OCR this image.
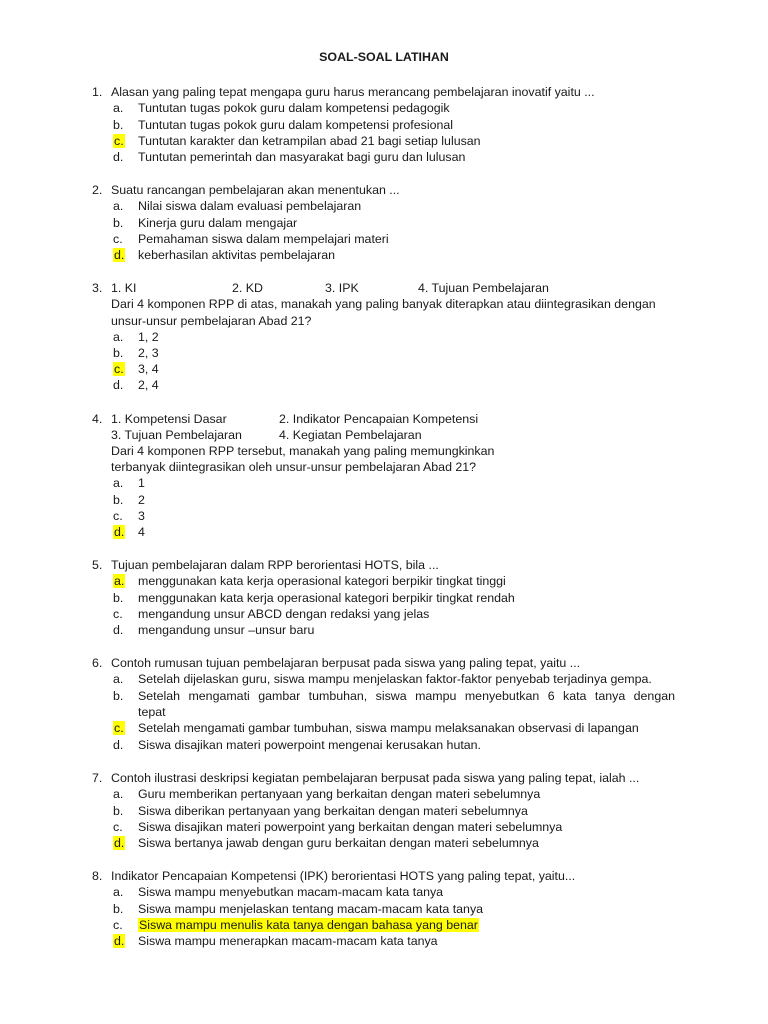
SOAL-SOAL LATIHAN
1. Alasan yang paling tepat mengapa guru harus merancang pembelajaran inovatif yaitu ...
a. Tuntutan tugas pokok guru dalam kompetensi pedagogik
b. Tuntutan tugas pokok guru dalam kompetensi profesional
c. Tuntutan karakter dan ketrampilan abad 21 bagi setiap lulusan
d. Tuntutan pemerintah dan masyarakat bagi guru dan lulusan
2. Suatu rancangan pembelajaran akan menentukan ...
a. Nilai siswa dalam evaluasi pembelajaran
b. Kinerja guru dalam mengajar
c.	Pemahaman siswa dalam mempelajari materi
d. keberhasilan aktivitas pembelajaran
3. 1. KI	2. KD	3. IPK	4. Tujuan Pembelajaran
Dari 4 komponen RPP di atas, manakah yang paling banyak diterapkan atau diintegrasikan dengan
unsur-unsur pembelajaran Abad 21?
a. 1, 2
b. 2, 3
c. 3, 4
d. 2, 4
4. 1. Kompetensi Dasar	2. Indikator Pencapaian Kompetensi
3. Tujuan Pembelajaran	4. Kegiatan Pembelajaran
Dari 4 komponen RPP tersebut, manakah yang paling memungkinkan
terbanyak diintegrasikan oleh unsur-unsur pembelajaran Abad 21?
a. 1
b. 2
c.	3
d. 4
5. Tujuan pembelajaran dalam RPP berorientasi HOTS, bila ...
a. menggunakan kata kerja operasional kategori berpikir tingkat tinggi
b. menggunakan kata kerja operasional kategori berpikir tingkat rendah
c.	mengandung unsur ABCD dengan redaksi yang jelas
d. mengandung unsur –unsur baru
6. Contoh rumusan tujuan pembelajaran berpusat pada siswa yang paling tepat, yaitu ...
a. Setelah dijelaskan guru, siswa mampu menjelaskan faktor-faktor penyebab terjadinya gempa.
b. Setelah mengamati gambar tumbuhan, siswa mampu menyebutkan 6 kata tanya dengan
tepat
c. Setelah mengamati gambar tumbuhan, siswa mampu melaksanakan observasi di lapangan
d. Siswa disajikan materi powerpoint mengenai kerusakan hutan.
7. Contoh ilustrasi deskripsi kegiatan pembelajaran berpusat pada siswa yang paling tepat, ialah ...
a. Guru memberikan pertanyaan yang berkaitan dengan materi sebelumnya
b. Siswa diberikan pertanyaan yang berkaitan dengan materi sebelumnya
c.	Siswa disajikan materi powerpoint yang berkaitan dengan materi sebelumnya
d. Siswa bertanya jawab dengan guru berkaitan dengan materi sebelumnya
8. Indikator Pencapaian Kompetensi (IPK) berorientasi HOTS yang paling tepat, yaitu...
a. Siswa mampu menyebutkan macam-macam kata tanya
b. Siswa mampu menjelaskan tentang macam-macam kata tanya
c.	Siswa mampu menulis kata tanya dengan bahasa yang benar
d. Siswa mampu menerapkan macam-macam kata tanya
